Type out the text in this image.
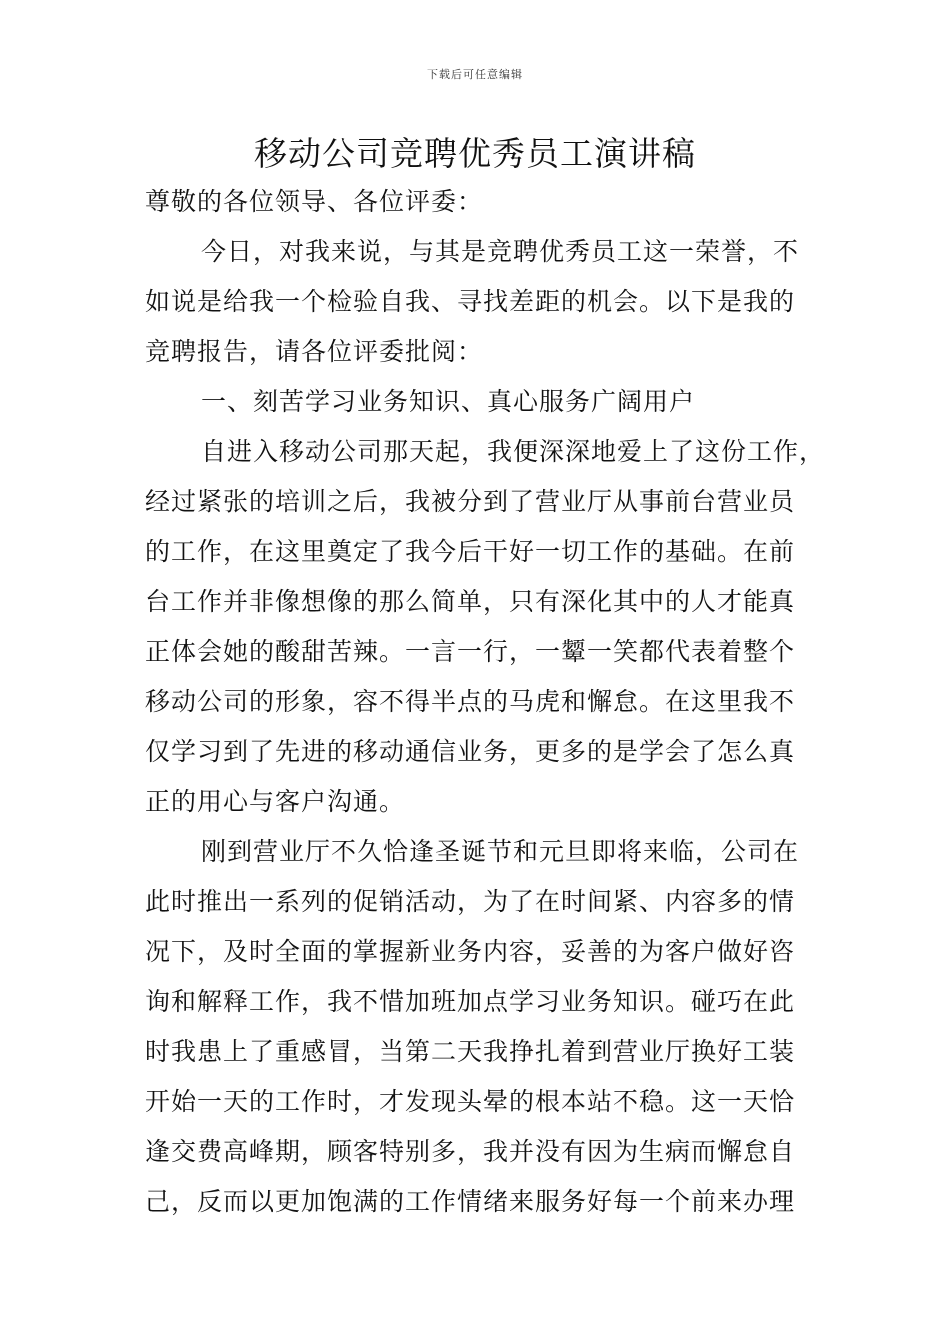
下载后可任意编辑
移动公司竞聘优秀员工演讲稿
尊敬的各位领导、各位评委：
今日，对我来说，与其是竞聘优秀员工这一荣誉，不
如说是给我一个检验自我、寻找差距的机会。以下是我的
竞聘报告，请各位评委批阅：
一、刻苦学习业务知识、真心服务广阔用户
自进入移动公司那天起，我便深深地爱上了这份工作，
经过紧张的培训之后，我被分到了营业厅从事前台营业员
的工作，在这里奠定了我今后干好一切工作的基础。在前
台工作并非像想像的那么简单，只有深化其中的人才能真
正体会她的酸甜苦辣。一言一行，一颦一笑都代表着整个
移动公司的形象，容不得半点的马虎和懈怠。在这里我不
仅学习到了先进的移动通信业务，更多的是学会了怎么真
正的用心与客户沟通。
刚到营业厅不久恰逢圣诞节和元旦即将来临，公司在
此时推出一系列的促销活动，为了在时间紧、内容多的情
况下，及时全面的掌握新业务内容，妥善的为客户做好咨
询和解释工作，我不惜加班加点学习业务知识。碰巧在此
时我患上了重感冒，当第二天我挣扎着到营业厅换好工装
开始一天的工作时，才发现头晕的根本站不稳。这一天恰
逢交费高峰期，顾客特别多，我并没有因为生病而懈怠自
己，反而以更加饱满的工作情绪来服务好每一个前来办理
